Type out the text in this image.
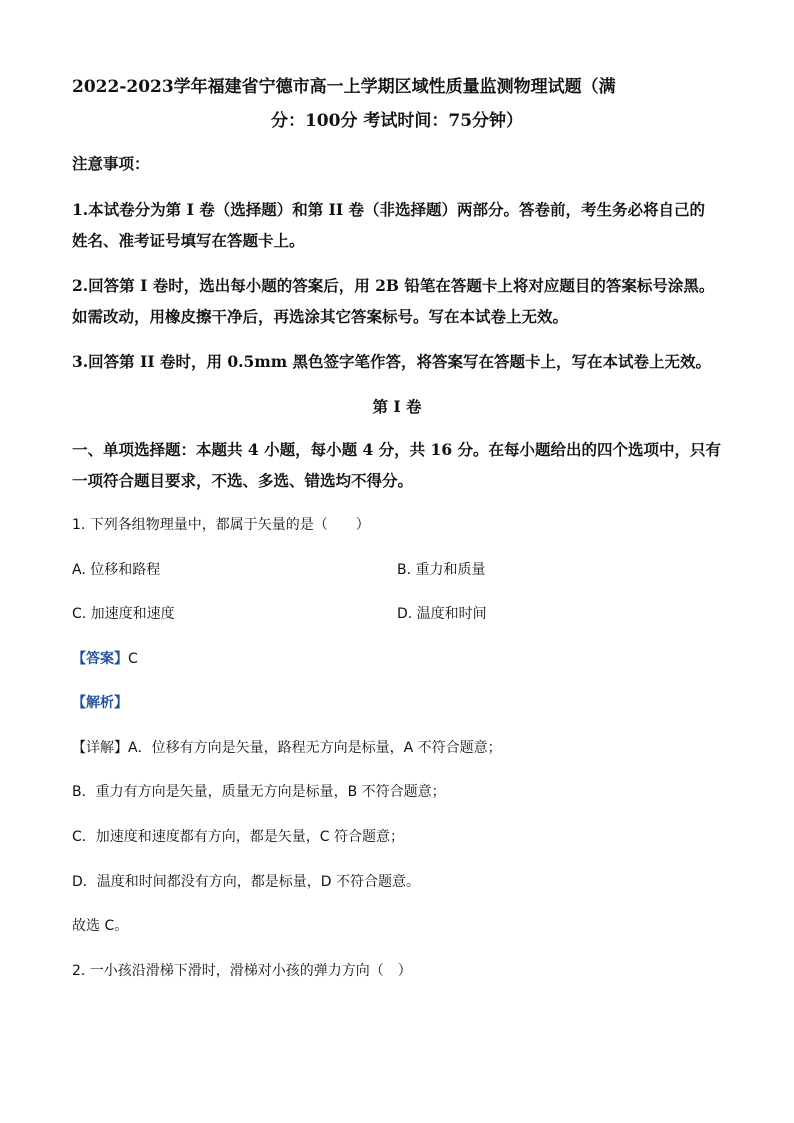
2022-2023学年福建省宁德市高一上学期区域性质量监测物理试题（满
分：100分 考试时间：75分钟）
注意事项：
1.本试卷分为第 I 卷（选择题）和第 II 卷（非选择题）两部分。答卷前，考生务必将自己的
姓名、准考证号填写在答题卡上。
2.回答第 I 卷时，选出每小题的答案后，用 2B 铅笔在答题卡上将对应题目的答案标号涂黑。
如需改动，用橡皮擦干净后，再选涂其它答案标号。写在本试卷上无效。
3.回答第 II 卷时，用 0.5mm 黑色签字笔作答，将答案写在答题卡上，写在本试卷上无效。
第 I 卷
一、单项选择题：本题共 4 小题，每小题 4 分，共 16 分。在每小题给出的四个选项中，只有
一项符合题目要求，不选、多选、错选均不得分。
1. 下列各组物理量中，都属于矢量的是（　　）
A. 位移和路程	B. 重力和质量
C. 加速度和速度	D. 温度和时间
【答案】C
【解析】
【详解】A．位移有方向是矢量，路程无方向是标量，A 不符合题意；
B．重力有方向是矢量，质量无方向是标量，B 不符合题意；
C．加速度和速度都有方向，都是矢量，C 符合题意；
D．温度和时间都没有方向，都是标量，D 不符合题意。
故选 C。
2. 一小孩沿滑梯下滑时，滑梯对小孩的弹力方向（　）
